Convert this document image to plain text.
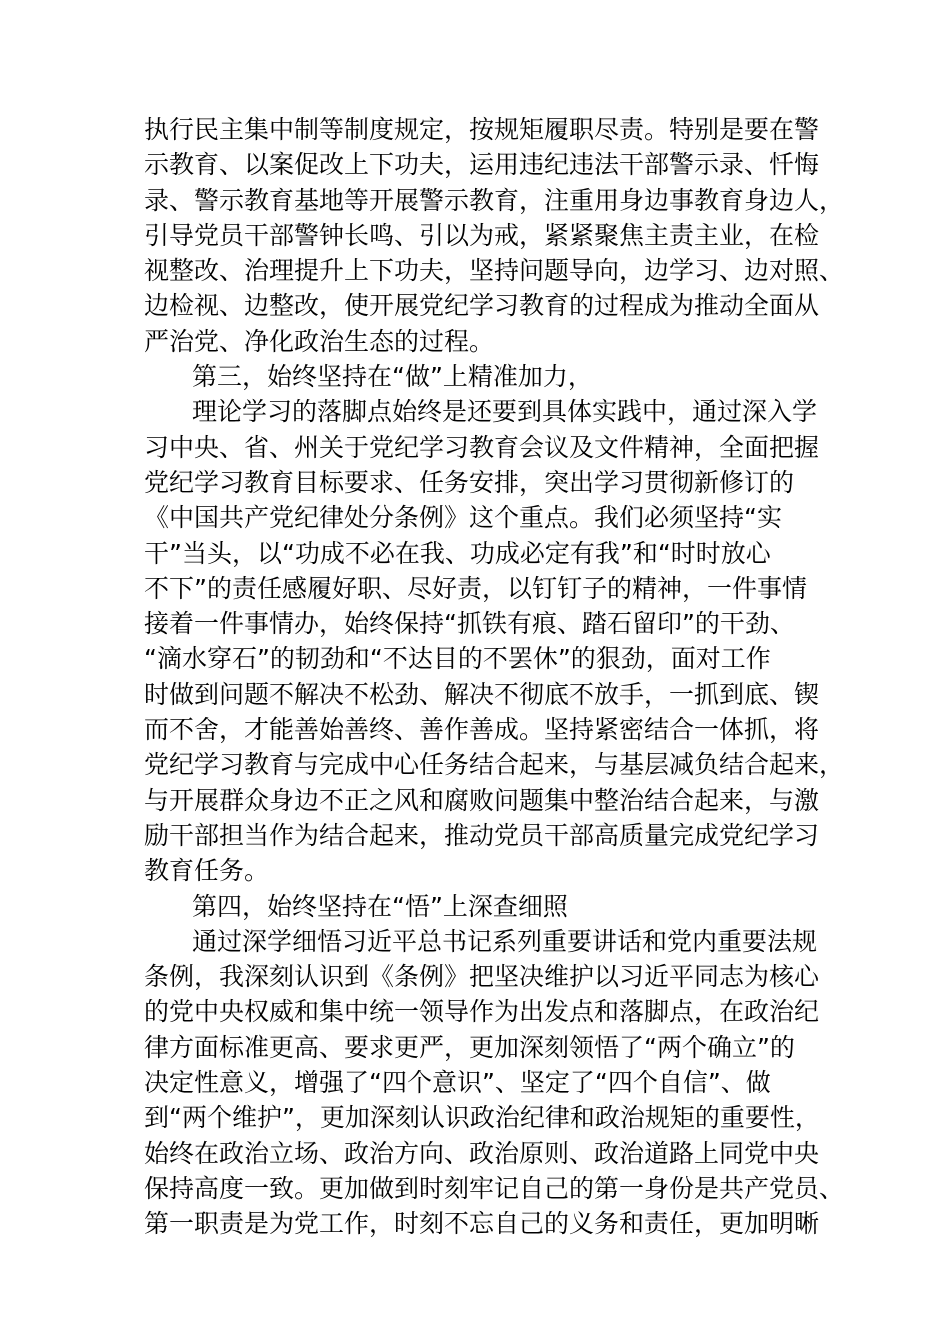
执行民主集中制等制度规定，按规矩履职尽责。特别是要在警
示教育、以案促改上下功夫，运用违纪违法干部警示录、忏悔
录、警示教育基地等开展警示教育，注重用身边事教育身边人，
引导党员干部警钟长鸣、引以为戒，紧紧聚焦主责主业，在检
视整改、治理提升上下功夫，坚持问题导向，边学习、边对照、
边检视、边整改，使开展党纪学习教育的过程成为推动全面从
严治党、净化政治生态的过程。
第三，始终坚持在“做”上精准加力，
理论学习的落脚点始终是还要到具体实践中，通过深入学
习中央、省、州关于党纪学习教育会议及文件精神，全面把握
党纪学习教育目标要求、任务安排，突出学习贯彻新修订的
《中国共产党纪律处分条例》这个重点。我们必须坚持“实
干”当头，以“功成不必在我、功成必定有我”和“时时放心
不下”的责任感履好职、尽好责，以钉钉子的精神，一件事情
接着一件事情办，始终保持“抓铁有痕、踏石留印”的干劲、
“滴水穿石”的韧劲和“不达目的不罢休”的狠劲，面对工作
时做到问题不解决不松劲、解决不彻底不放手，一抓到底、锲
而不舍，才能善始善终、善作善成。坚持紧密结合一体抓，将
党纪学习教育与完成中心任务结合起来，与基层减负结合起来，
与开展群众身边不正之风和腐败问题集中整治结合起来，与激
励干部担当作为结合起来，推动党员干部高质量完成党纪学习
教育任务。
第四，始终坚持在“悟”上深查细照
通过深学细悟习近平总书记系列重要讲话和党内重要法规
条例，我深刻认识到《条例》把坚决维护以习近平同志为核心
的党中央权威和集中统一领导作为出发点和落脚点，在政治纪
律方面标准更高、要求更严，更加深刻领悟了“两个确立”的
决定性意义，增强了“四个意识”、坚定了“四个自信”、做
到“两个维护”，更加深刻认识政治纪律和政治规矩的重要性，
始终在政治立场、政治方向、政治原则、政治道路上同党中央
保持高度一致。更加做到时刻牢记自己的第一身份是共产党员、
第一职责是为党工作，时刻不忘自己的义务和责任，更加明晰
